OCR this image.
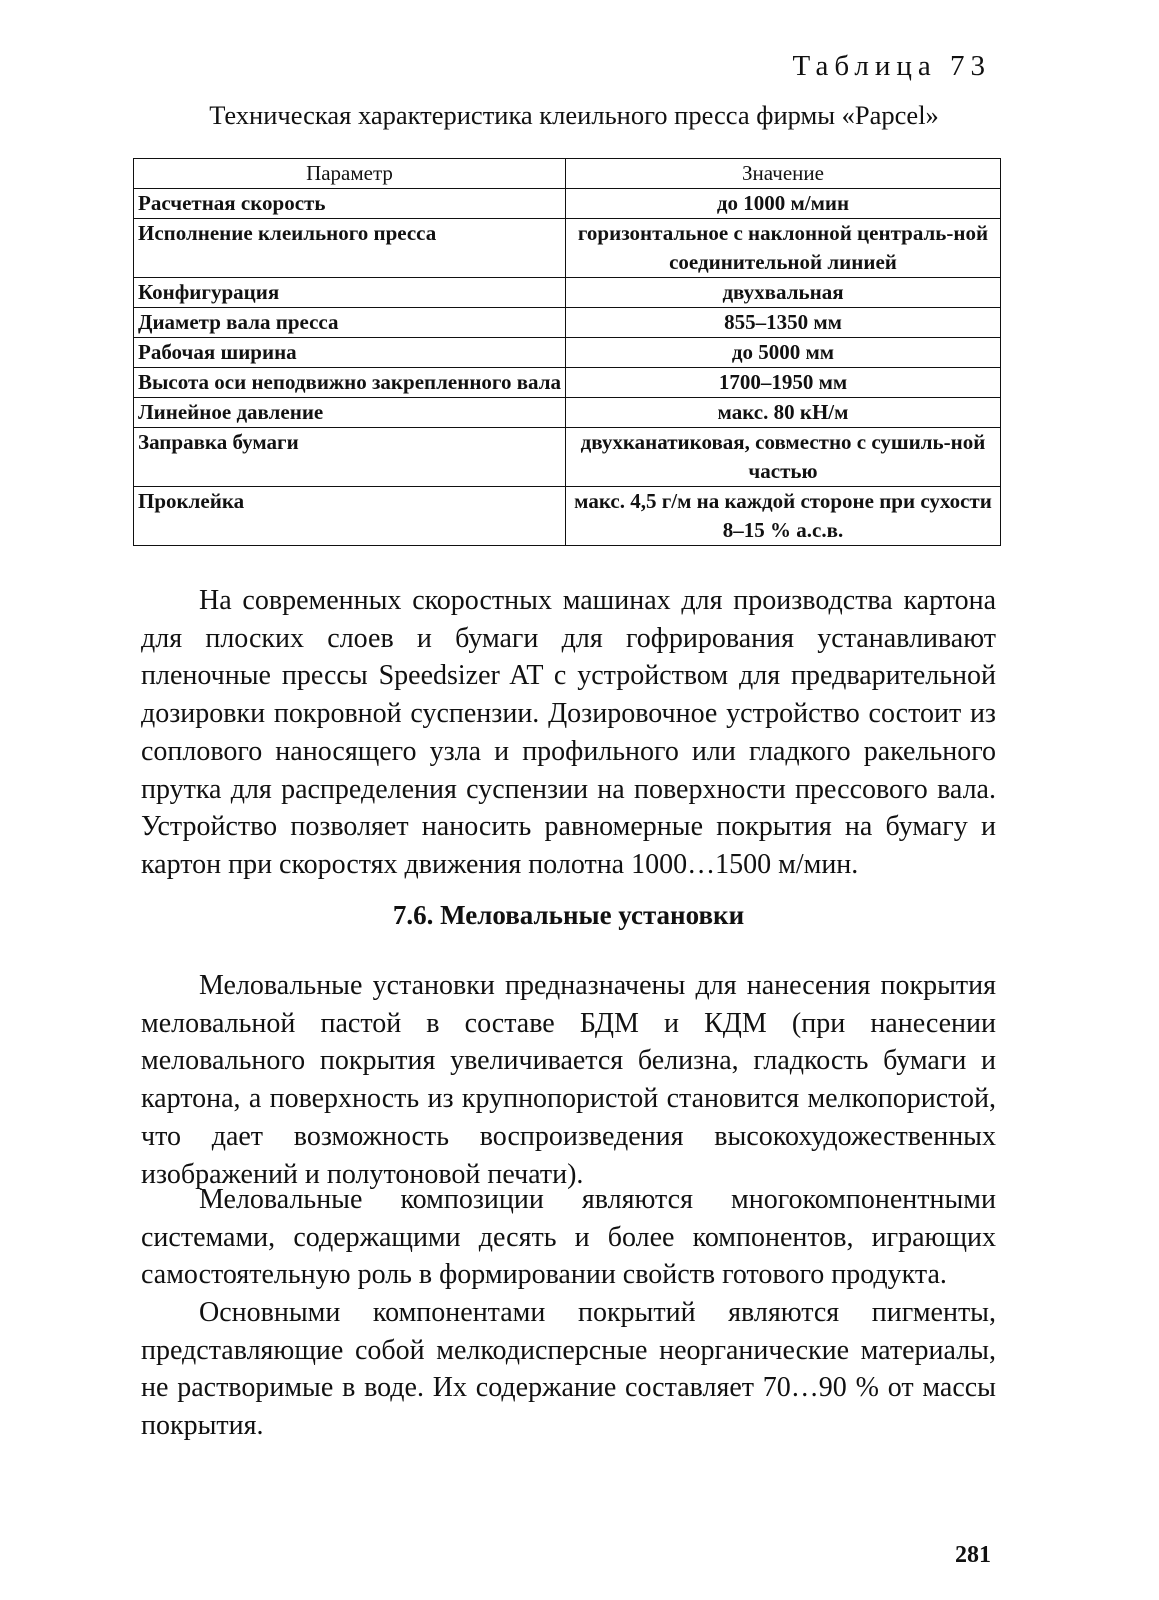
Таблица 73
Техническая характеристика клеильного пресса фирмы «Papcel»
Параметр	Значение
Расчетная скорость	до 1000 м/мин
Исполнение клеильного пресса	горизонтальное с наклонной централь-ной соединительной линией
Конфигурация	двухвальная
Диаметр вала пресса	855–1350 мм
Рабочая ширина	до 5000 мм
Высота оси неподвижно закрепленного вала	1700–1950 мм
Линейное давление	макс. 80 кН/м
Заправка бумаги	двухканатиковая, совместно с сушиль-ной частью
Проклейка	макс. 4,5 г/м на каждой стороне при сухости 8–15 % а.с.в.

На современных скоростных машинах для производства картона для плоских слоев и бумаги для гофрирования устанавливают пленочные прессы Speedsizer AT с устройством для предварительной дозировки покровной суспензии. Дозировочное устройство состоит из соплового наносящего узла и профильного или гладкого ракельного прутка для распределения суспензии на поверхности прессового вала. Устройство позволяет наносить равномерные покрытия на бумагу и картон при скоростях движения полотна 1000…1500 м/мин.

7.6. Меловальные установки

Меловальные установки предназначены для нанесения покрытия меловальной пастой в составе БДМ и КДМ (при нанесении меловального покрытия увеличивается белизна, гладкость бумаги и картона, а поверхность из крупнопористой становится мелкопористой, что дает возможность воспроизведения высокохудожественных изображений и полутоновой печати).

Меловальные композиции являются многокомпонентными системами, содержащими десять и более компонентов, играющих самостоятельную роль в формировании свойств готового продукта.

Основными компонентами покрытий являются пигменты, представляющие собой мелкодисперсные неорганические материалы, не растворимые в воде. Их содержание составляет 70…90 % от массы покрытия.

281
